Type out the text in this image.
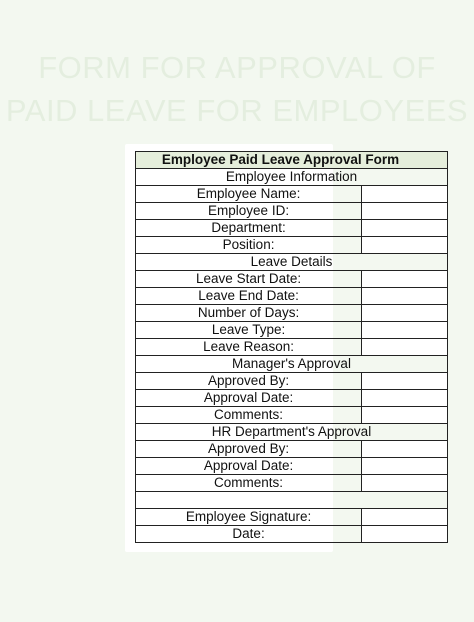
FORM FOR APPROVAL OF
PAID LEAVE FOR EMPLOYEES
Employee Paid Leave Approval Form	
Employee Information	
Employee Name:	
Employee ID:	
Department:	
Position:	
Leave Details	
Leave Start Date:	
Leave End Date:	
Number of Days:	
Leave Type:	
Leave Reason:	
Manager's Approval	
Approved By:	
Approval Date:	
Comments:	
HR Department's Approval	
Approved By:	
Approval Date:	
Comments:	

Employee Signature:	
Date:	
